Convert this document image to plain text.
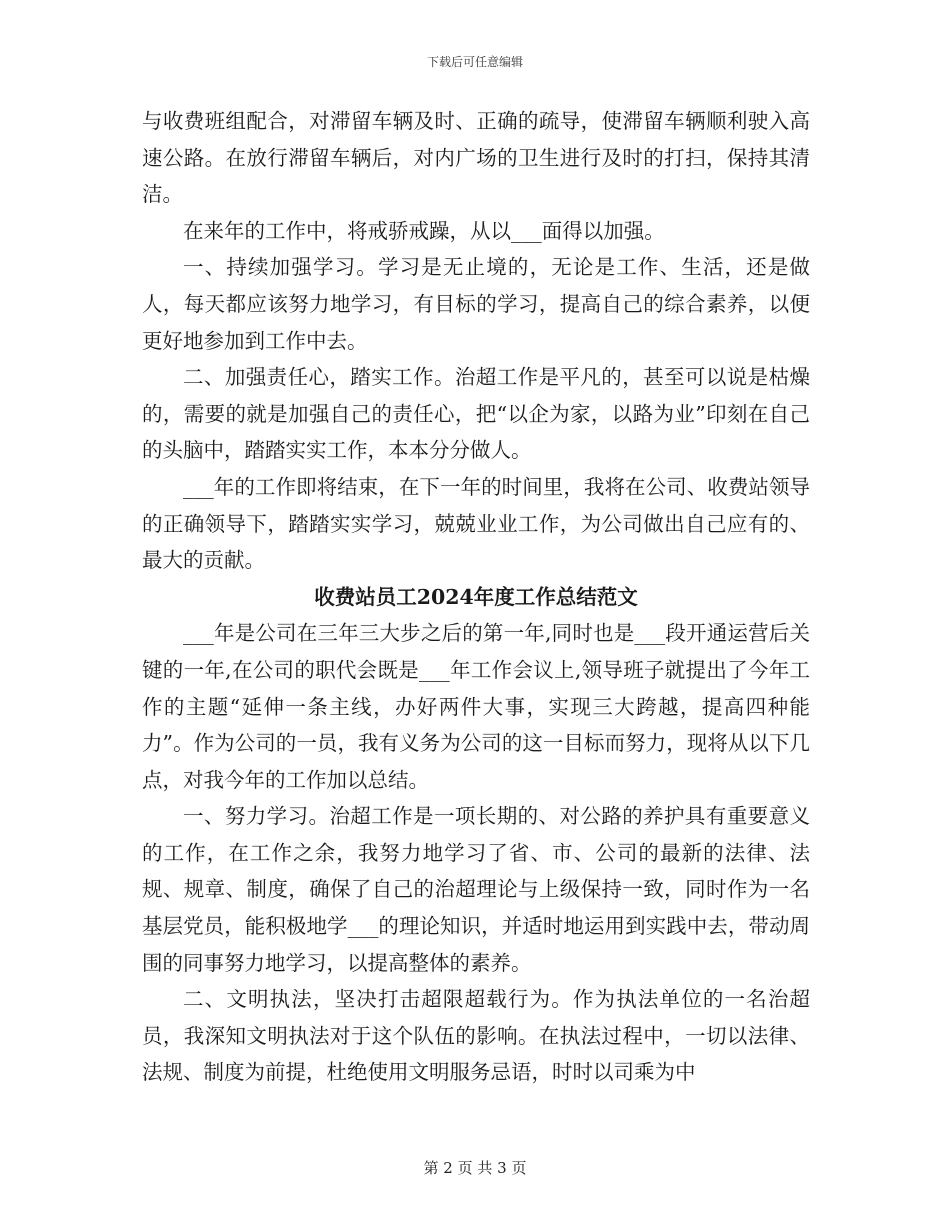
下载后可任意编辑

与收费班组配合，对滞留车辆及时、正确的疏导，使滞留车辆顺利驶入高速公路。在放行滞留车辆后，对内广场的卫生进行及时的打扫，保持其清洁。

在来年的工作中，将戒骄戒躁，从以___面得以加强。

一、持续加强学习。学习是无止境的，无论是工作、生活，还是做人，每天都应该努力地学习，有目标的学习，提高自己的综合素养，以便更好地参加到工作中去。

二、加强责任心，踏实工作。治超工作是平凡的，甚至可以说是枯燥的，需要的就是加强自己的责任心，把“以企为家，以路为业”印刻在自己的头脑中，踏踏实实工作，本本分分做人。

___年的工作即将结束，在下一年的时间里，我将在公司、收费站领导的正确领导下，踏踏实实学习，兢兢业业工作，为公司做出自己应有的、最大的贡献。

收费站员工2024年度工作总结范文

___年是公司在三年三大步之后的第一年,同时也是___段开通运营后关键的一年,在公司的职代会既是___年工作会议上,领导班子就提出了今年工作的主题“延伸一条主线，办好两件大事，实现三大跨越，提高四种能力”。作为公司的一员，我有义务为公司的这一目标而努力，现将从以下几点，对我今年的工作加以总结。

一、努力学习。治超工作是一项长期的、对公路的养护具有重要意义的工作，在工作之余，我努力地学习了省、市、公司的最新的法律、法规、规章、制度，确保了自己的治超理论与上级保持一致，同时作为一名基层党员，能积极地学___的理论知识，并适时地运用到实践中去，带动周围的同事努力地学习，以提高整体的素养。

二、文明执法，坚决打击超限超载行为。作为执法单位的一名治超员，我深知文明执法对于这个队伍的影响。在执法过程中，一切以法律、法规、制度为前提，杜绝使用文明服务忌语，时时以司乘为中

第 2 页 共 3 页
